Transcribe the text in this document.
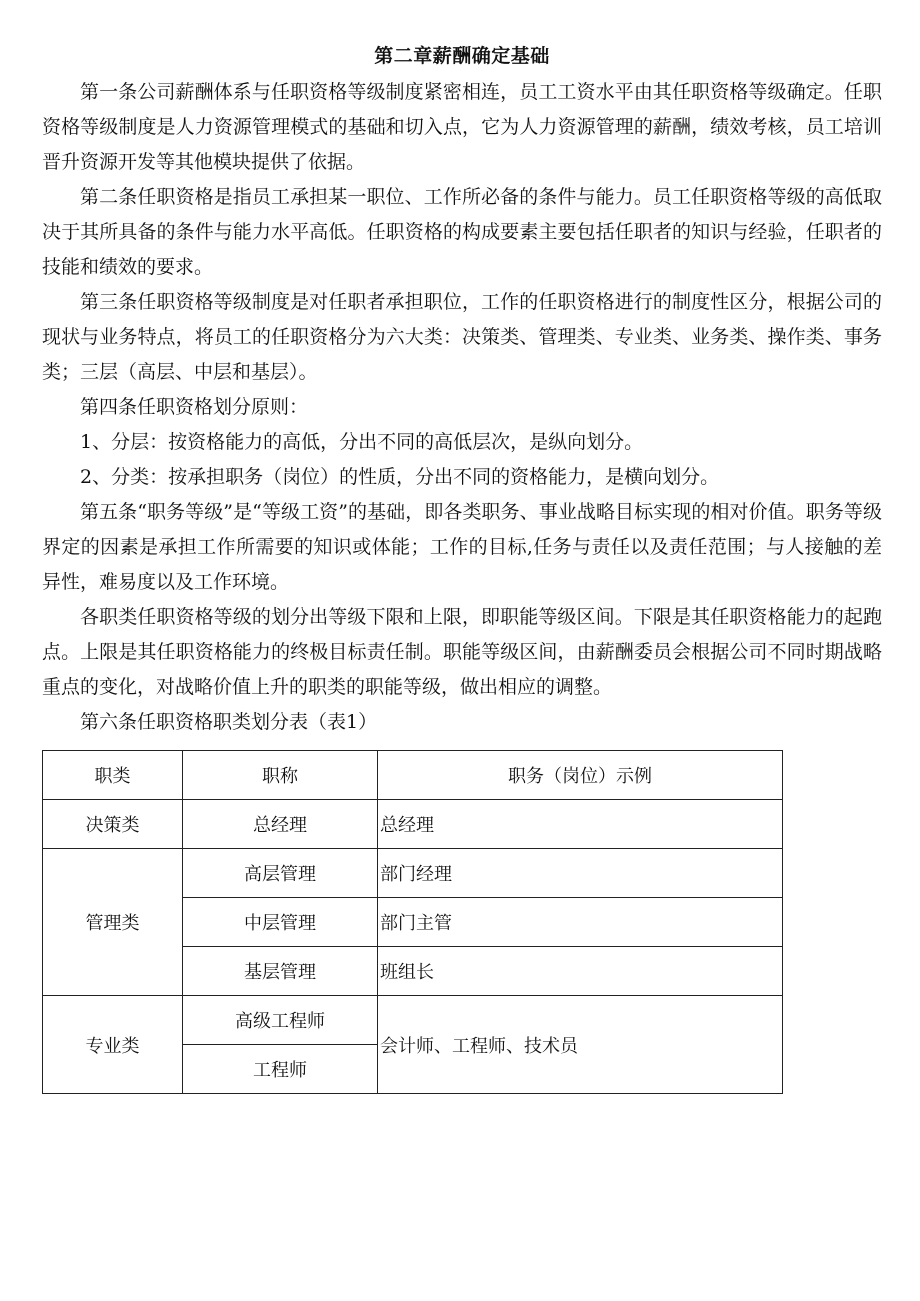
第二章薪酬确定基础

第一条公司薪酬体系与任职资格等级制度紧密相连，员工工资水平由其任职资格等级确定。任职资格等级制度是人力资源管理模式的基础和切入点，它为人力资源管理的薪酬，绩效考核，员工培训晋升资源开发等其他模块提供了依据。

第二条任职资格是指员工承担某一职位、工作所必备的条件与能力。员工任职资格等级的高低取决于其所具备的条件与能力水平高低。任职资格的构成要素主要包括任职者的知识与经验，任职者的技能和绩效的要求。

第三条任职资格等级制度是对任职者承担职位，工作的任职资格进行的制度性区分，根据公司的现状与业务特点，将员工的任职资格分为六大类：决策类、管理类、专业类、业务类、操作类、事务类；三层（高层、中层和基层）。

第四条任职资格划分原则：

1、分层：按资格能力的高低，分出不同的高低层次，是纵向划分。

2、分类：按承担职务（岗位）的性质，分出不同的资格能力，是横向划分。

第五条“职务等级”是“等级工资”的基础，即各类职务、事业战略目标实现的相对价值。职务等级界定的因素是承担工作所需要的知识或体能；工作的目标,任务与责任以及责任范围；与人接触的差异性，难易度以及工作环境。

各职类任职资格等级的划分出等级下限和上限，即职能等级区间。下限是其任职资格能力的起跑点。上限是其任职资格能力的终极目标责任制。职能等级区间，由薪酬委员会根据公司不同时期战略重点的变化，对战略价值上升的职类的职能等级，做出相应的调整。

第六条任职资格职类划分表（表1）

职类	职称	职务（岗位）示例
决策类	总经理	总经理
管理类	高层管理	部门经理
	中层管理	部门主管
	基层管理	班组长
专业类	高级工程师	会计师、工程师、技术员
	工程师	
